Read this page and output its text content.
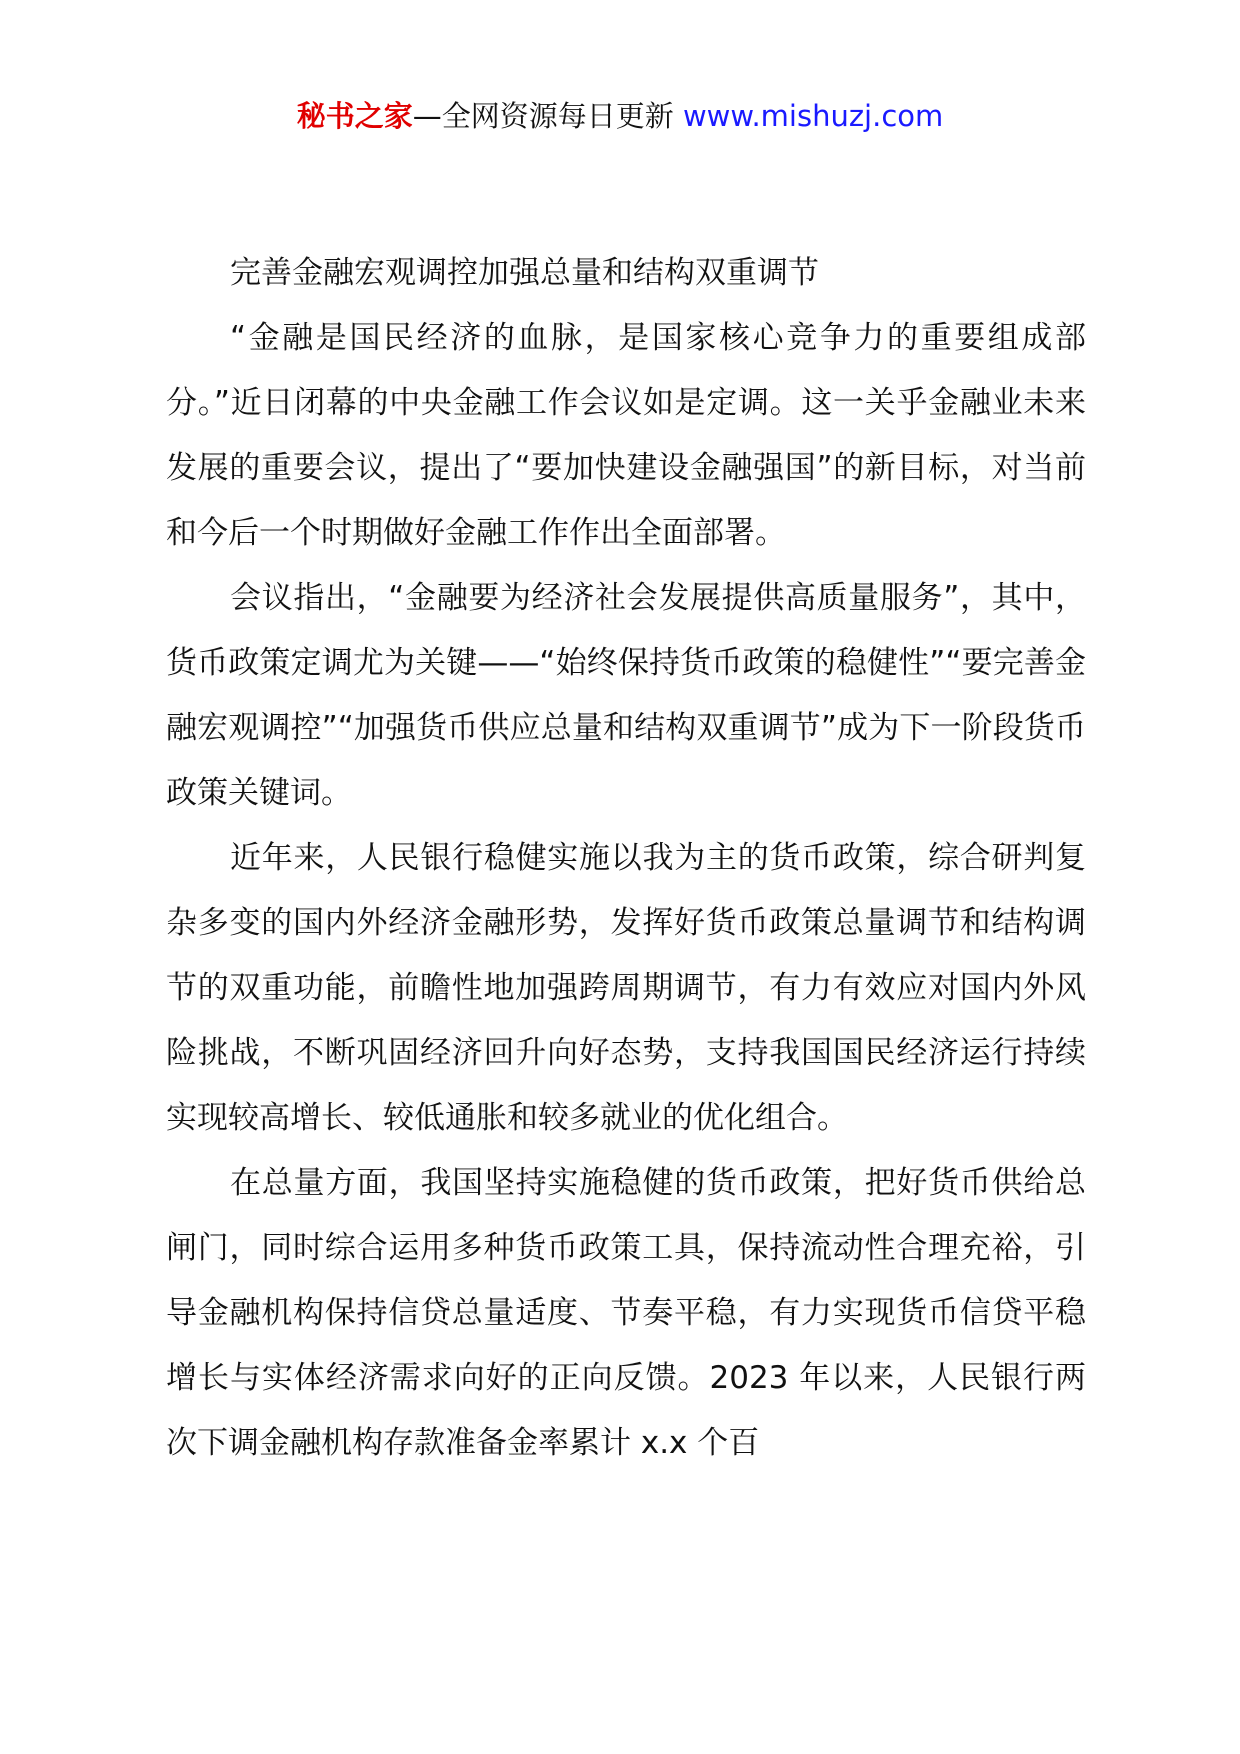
秘书之家—全网资源每日更新 www.mishuzj.com
完善金融宏观调控加强总量和结构双重调节

“金融是国民经济的血脉，是国家核心竞争力的重要组成部分。”近日闭幕的中央金融工作会议如是定调。这一关乎金融业未来发展的重要会议，提出了“要加快建设金融强国”的新目标，对当前和今后一个时期做好金融工作作出全面部署。

会议指出，“金融要为经济社会发展提供高质量服务”，其中，货币政策定调尤为关键——“始终保持货币政策的稳健性”“要完善金融宏观调控”“加强货币供应总量和结构双重调节”成为下一阶段货币政策关键词。

近年来，人民银行稳健实施以我为主的货币政策，综合研判复杂多变的国内外经济金融形势，发挥好货币政策总量调节和结构调节的双重功能，前瞻性地加强跨周期调节，有力有效应对国内外风险挑战，不断巩固经济回升向好态势，支持我国国民经济运行持续实现较高增长、较低通胀和较多就业的优化组合。

在总量方面，我国坚持实施稳健的货币政策，把好货币供给总闸门，同时综合运用多种货币政策工具，保持流动性合理充裕，引导金融机构保持信贷总量适度、节奏平稳，有力实现货币信贷平稳增长与实体经济需求向好的正向反馈。2023 年以来，人民银行两次下调金融机构存款准备金率累计 x.x 个百
